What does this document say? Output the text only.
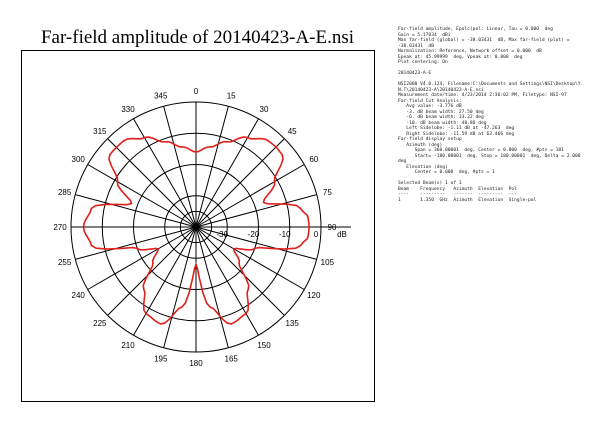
Far-field amplitude of 20140423-A-E.nsi
0
15
30
45
60
75
90
105
120
135
150
165
180
195
210
225
240
255
270
285
300
315
330
345
-30 -20 -10	0 dB
Far-field amplitude, Epolc(pol: Linear, Tau = 0.000  deg
Gain = 5.17034  dBi
Max far-field (global) = -38.03431  dB, Max far-field (plot) =
-38.03431  dB
Normalization: Reference, Network offset = 0.000  dB
Epeak at: 45.99999  deg, Vpeak at: 0.000  deg
Plot centering: On
20140423-A-E
NSI2000 V4.0.124, Filename:C:\Documents and Settings\NSI\Desktop\Y.
N.T\20140423-A\20140423-A-E.nsi
Measurement date/time: 4/23/2014 2:36:02 PM, Filetype: NSI-97
Far-field Cut Analysis:
Avg value: -3.776 dB
-3. dB beam width: 27.50 deg
-6. dB beam width: 33.22 deg
-10. dB beam width: 48.86 deg
Left Sidelobe: -1.11 dB at -47.263  deg
Right Sidelobe: -11.59 dB at 63.466 deg
Far-field display setup
Azimuth (deg)
Span = 360.00001  deg, Center = 0.000  deg, #pts = 181
Start= -180.00001  deg, Stop = 180.00001  deg, Delta = 2.000
deg
Elevation (deg)
Center = 0.000  deg, #pts = 1
Selected Beam(s) 1 of 3
Beam    Frequency   Azimuth  Elevation  Pol
----    ---------   -------  ---------  ---
1       1.350  GHz  Azimuth  Elevation  Single-pol
